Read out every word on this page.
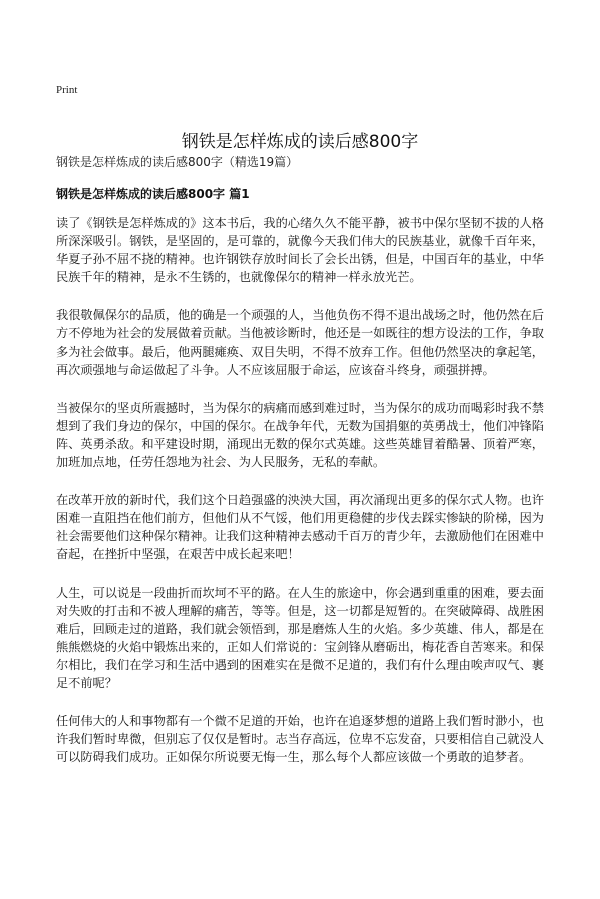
Print
钢铁是怎样炼成的读后感800字
钢铁是怎样炼成的读后感800字（精选19篇）
钢铁是怎样炼成的读后感800字 篇1

读了《钢铁是怎样炼成的》这本书后，我的心绪久久不能平静，被书中保尔坚韧不拔的人格所深深吸引。钢铁，是坚固的，是可靠的，就像今天我们伟大的民族基业，就像千百年来，华夏子孙不屈不挠的精神。也许钢铁存放时间长了会长出锈，但是，中国百年的基业，中华民族千年的精神，是永不生锈的，也就像保尔的精神一样永放光芒。

我很敬佩保尔的品质，他的确是一个顽强的人，当他负伤不得不退出战场之时，他仍然在后方不停地为社会的发展做着贡献。当他被诊断时，他还是一如既往的想方设法的工作，争取多为社会做事。最后，他两腿瘫痪、双目失明，不得不放弃工作。但他仍然坚决的拿起笔，再次顽强地与命运做起了斗争。人不应该屈服于命运，应该奋斗终身，顽强拼搏。

当被保尔的坚贞所震撼时，当为保尔的病痛而感到难过时，当为保尔的成功而喝彩时我不禁想到了我们身边的保尔，中国的保尔。在战争年代，无数为国捐躯的英勇战士，他们冲锋陷阵、英勇杀敌。和平建设时期，涌现出无数的保尔式英雄。这些英雄冒着酷暑、顶着严寒，加班加点地，任劳任怨地为社会、为人民服务，无私的奉献。

在改革开放的新时代，我们这个日趋强盛的泱泱大国，再次涌现出更多的保尔式人物。也许困难一直阻挡在他们前方，但他们从不气馁，他们用更稳健的步伐去踩实惨缺的阶梯，因为社会需要他们这种保尔精神。让我们这种精神去感动千百万的青少年，去激励他们在困难中奋起，在挫折中坚强，在艰苦中成长起来吧！

人生，可以说是一段曲折而坎坷不平的路。在人生的旅途中，你会遇到重重的困难，要去面对失败的打击和不被人理解的痛苦，等等。但是，这一切都是短暂的。在突破障碍、战胜困难后，回顾走过的道路，我们就会领悟到，那是磨炼人生的火焰。多少英雄、伟人，都是在熊熊燃烧的火焰中锻炼出来的，正如人们常说的：宝剑锋从磨砺出，梅花香自苦寒来。和保尔相比，我们在学习和生活中遇到的困难实在是微不足道的，我们有什么理由唉声叹气、裹足不前呢？

任何伟大的人和事物都有一个微不足道的开始，也许在追逐梦想的道路上我们暂时渺小，也许我们暂时卑微，但别忘了仅仅是暂时。志当存高远，位卑不忘发奋，只要相信自己就没人可以防碍我们成功。正如保尔所说要无悔一生，那么每个人都应该做一个勇敢的追梦者。
